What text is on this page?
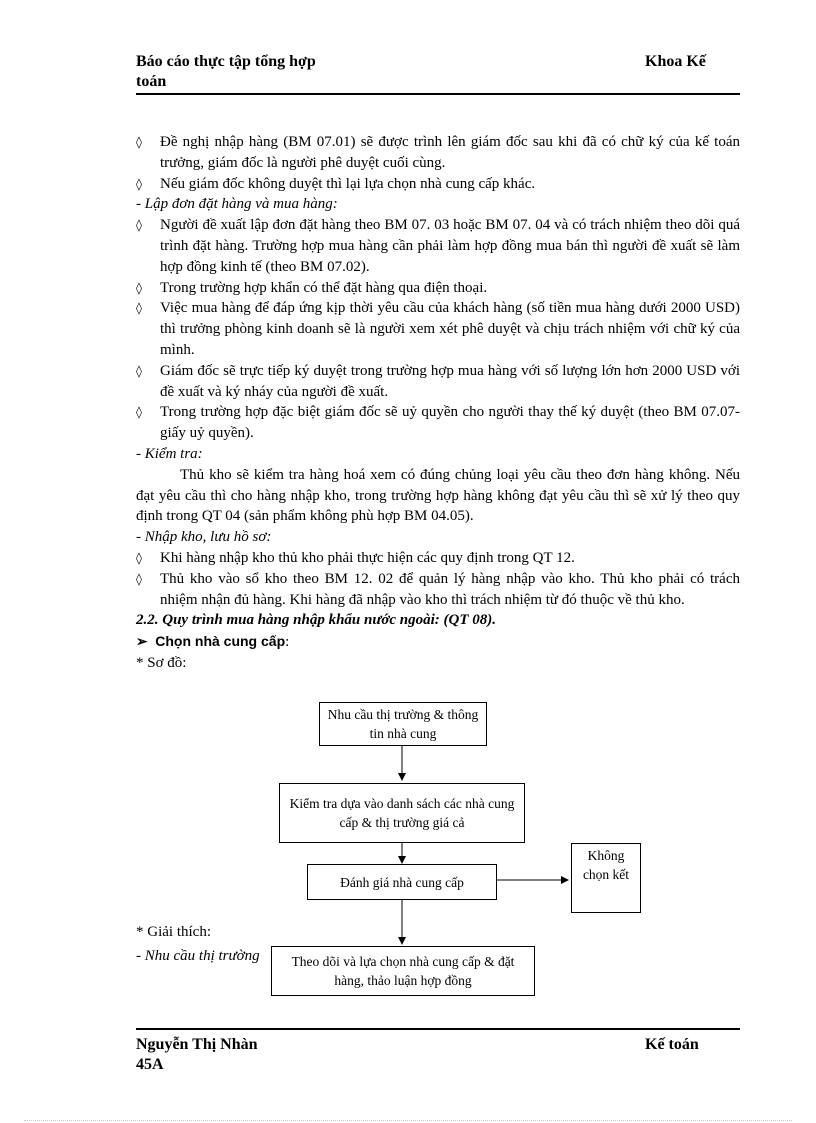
Báo cáo thực tập tổng hợp
toán
Khoa Kế

◊ Đề nghị nhập hàng (BM 07.01) sẽ được trình lên giám đốc sau khi đã có chữ ký của kế toán trưởng, giám đốc là người phê duyệt cuối cùng.

◊ Nếu giám đốc không duyệt thì lại lựa chọn nhà cung cấp khác.

- Lập đơn đặt hàng và mua hàng:

◊ Người đề xuất lập đơn đặt hàng theo BM 07. 03 hoặc BM 07. 04 và có trách nhiệm theo dõi quá trình đặt hàng. Trường hợp mua hàng cần phải làm hợp đồng mua bán thì người đề xuất sẽ làm hợp đồng kinh tế (theo BM 07.02).

◊ Trong trường hợp khẩn có thể đặt hàng qua điện thoại.

◊ Việc mua hàng để đáp ứng kịp thời yêu cầu của khách hàng (số tiền mua hàng dưới 2000 USD) thì trưởng phòng kinh doanh sẽ là người xem xét phê duyệt và chịu trách nhiệm với chữ ký của mình.

◊ Giám đốc sẽ trực tiếp ký duyệt trong trường hợp mua hàng với số lượng lớn hơn 2000 USD với đề xuất và ký nháy của người đề xuất.

◊ Trong trường hợp đặc biệt giám đốc sẽ uỷ quyền cho người thay thế ký duyệt (theo BM 07.07- giấy uỷ quyền).

- Kiểm tra:

Thủ kho sẽ kiểm tra hàng hoá xem có đúng chủng loại yêu cầu theo đơn hàng không. Nếu đạt yêu cầu thì cho hàng nhập kho, trong trường hợp hàng không đạt yêu cầu thì sẽ xử lý theo quy định trong QT 04 (sản phẩm không phù hợp BM 04.05).

- Nhập kho, lưu hồ sơ:

◊ Khi hàng nhập kho thủ kho phải thực hiện các quy định trong QT 12.

◊ Thủ kho vào sổ kho theo BM 12. 02 để quản lý hàng nhập vào kho. Thủ kho phải có trách nhiệm nhận đủ hàng. Khi hàng đã nhập vào kho thì trách nhiệm từ đó thuộc về thủ kho.

2.2. Quy trình mua hàng nhập khẩu nước ngoài: (QT 08).

➢ Chọn nhà cung cấp:

* Sơ đồ:

Nhu cầu thị trường & thông tin nhà cung
Kiểm tra dựa vào danh sách các nhà cung cấp & thị trường giá cả
Đánh giá nhà cung cấp
Không chọn kết
* Giải thích:
- Nhu cầu thị trường	Theo dõi và lựa chọn nhà cung cấp & đặt hàng, thảo luận hợp đồng
Nguyễn Thị Nhàn
45A
Kế toán
